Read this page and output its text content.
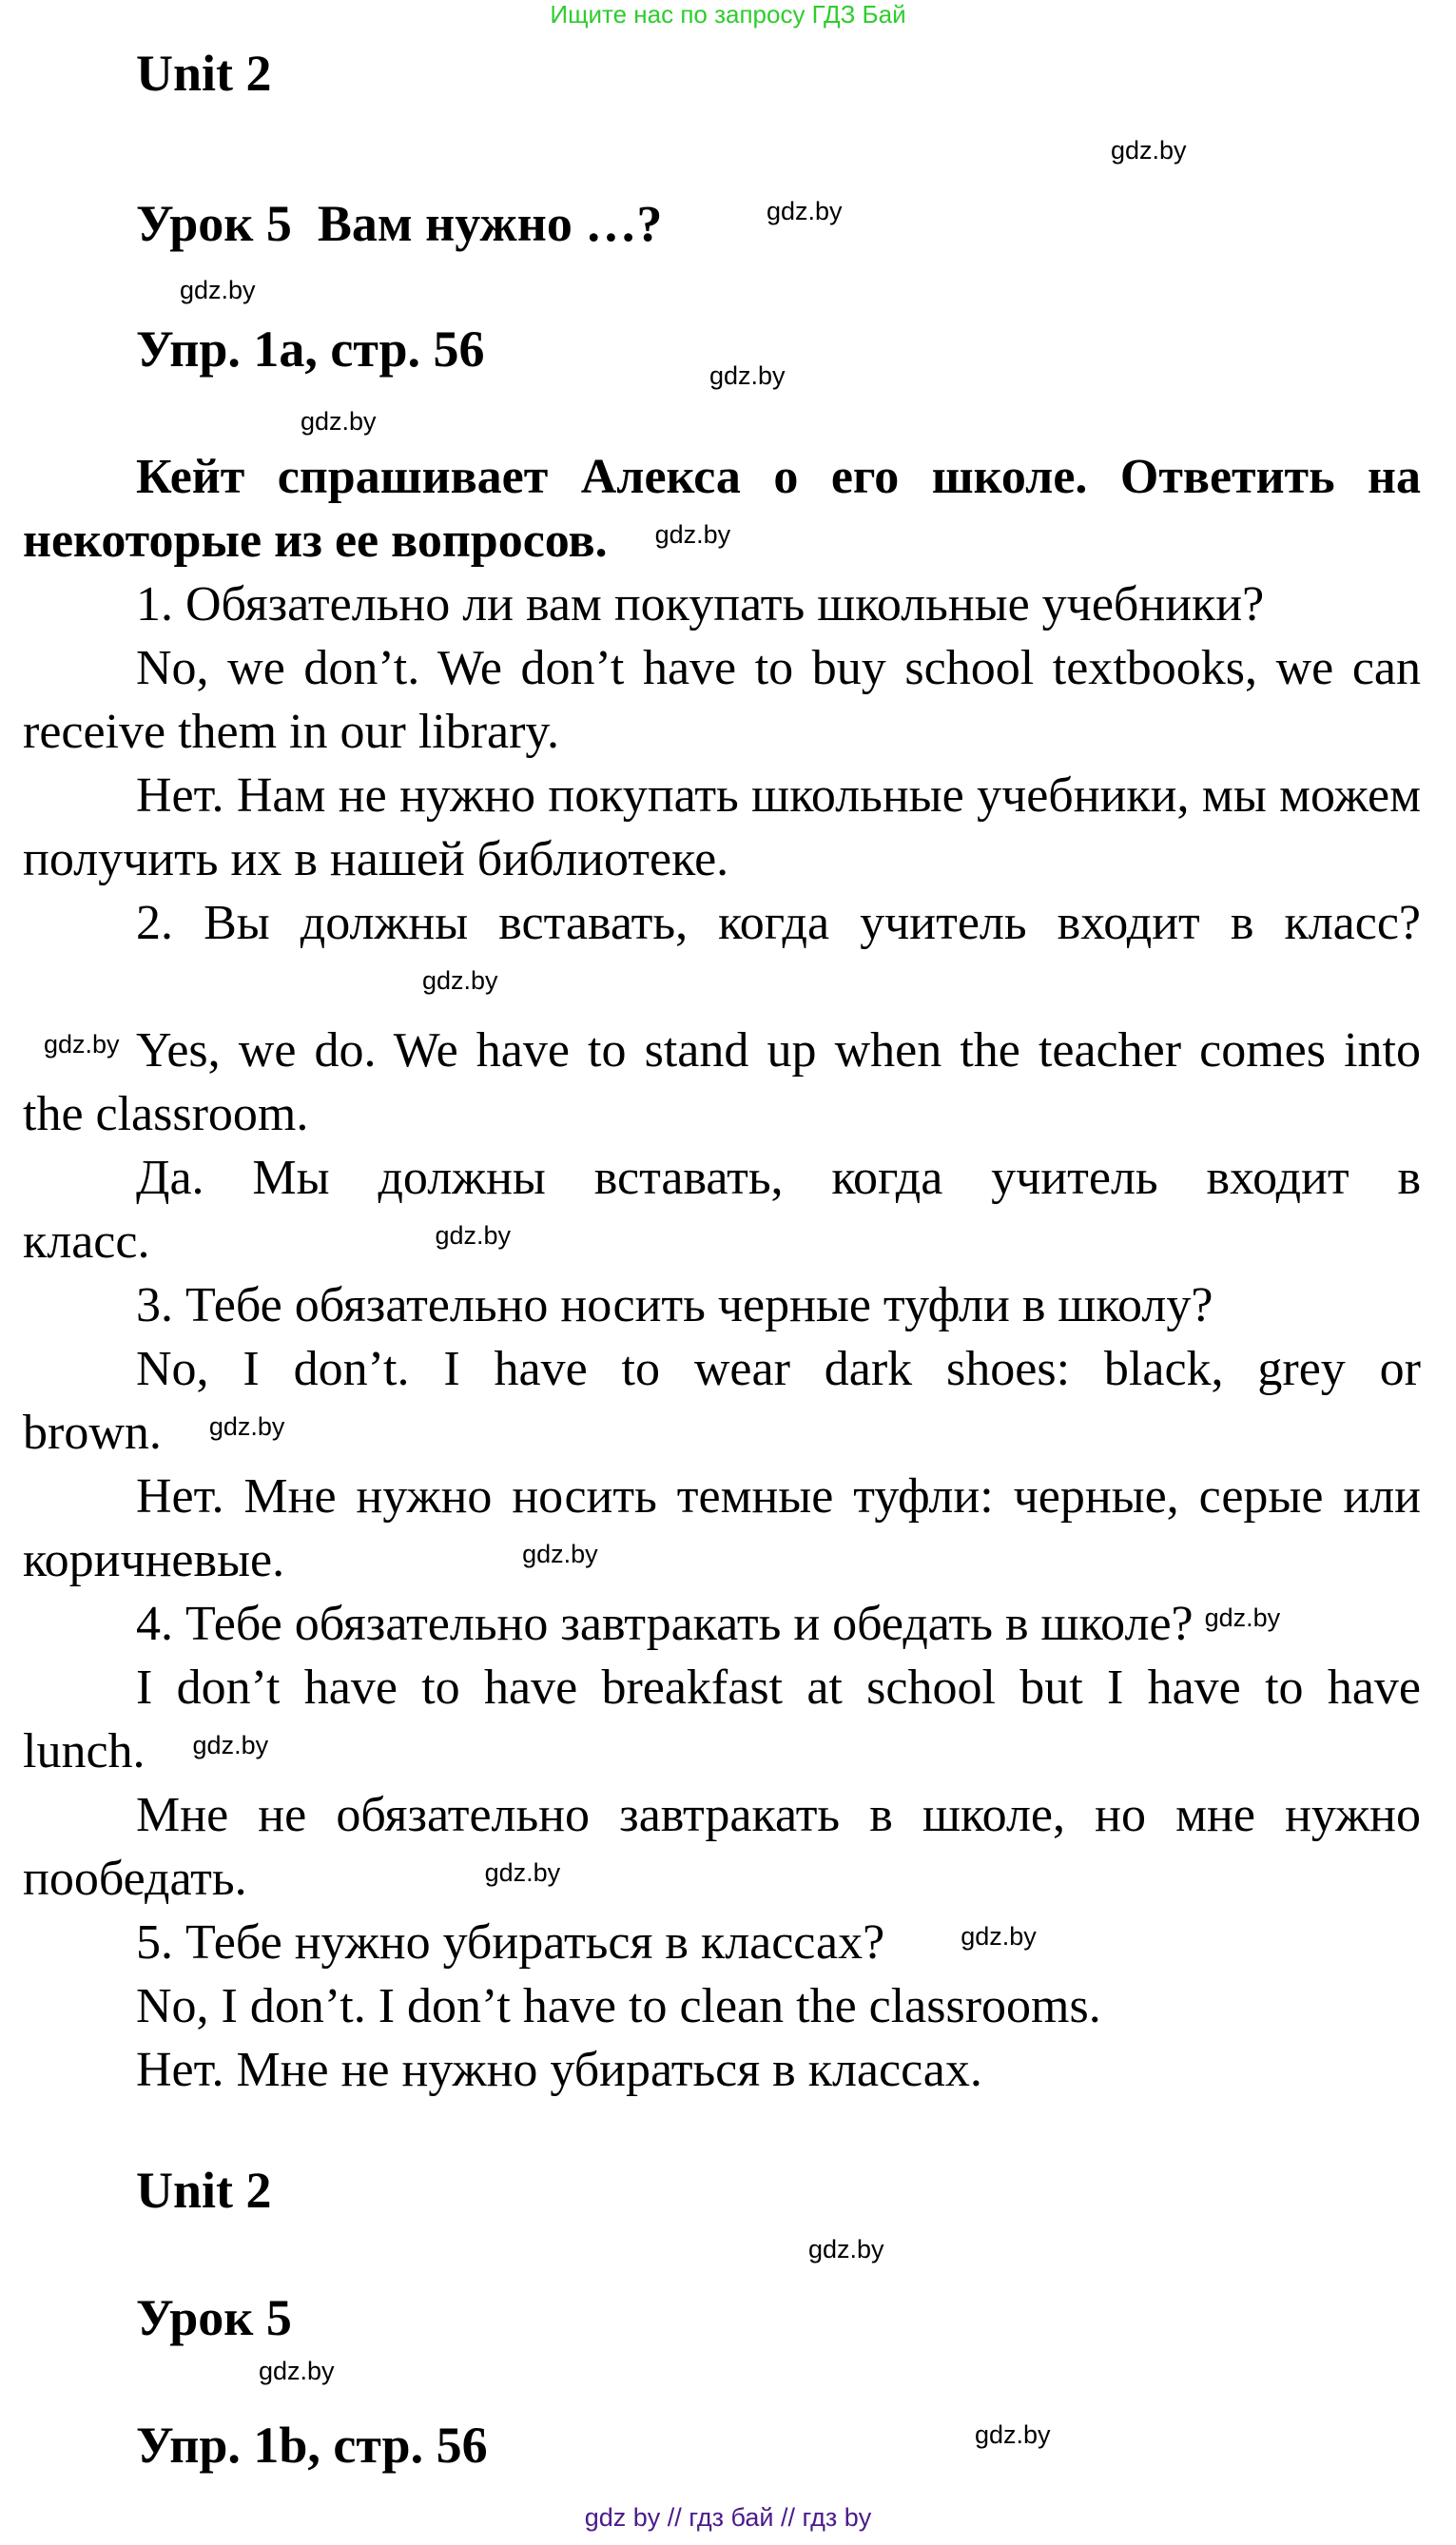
Ищите нас по запросу ГДЗ Бай
Unit 2
Урок 5  Вам нужно …?
Упр. 1a, стр. 56

Кейт спрашивает Алекса о его школе. Ответить на некоторые из ее вопросов. $^{gdz.by}$

1. Обязательно ли вам покупать школьные учебники?

No, we don’t. We don’t have to buy school textbooks, we can receive them in our library.

Нет. Нам не нужно покупать школьные учебники, мы можем получить их в нашей библиотеке.

2. Вы должны вставать, когда учитель входит в класс?$^{gdz.by}$

gdz.by Yes, we do. We have to stand up when the teacher comes into the classroom.

Да. Мы должны вставать, когда учитель входит в класс.	$^{gdz.by}$

3. Тебе обязательно носить черные туфли в школу?

No, I don’t. I have to wear dark shoes: black, grey or brown. $^{gdz.by}$

Нет. Мне нужно носить темные туфли: черные, серые или коричневые.	$^{gdz.by}$

4. Тебе обязательно завтракать и обедать в школе? $^{gdz.by}$

I don’t have to have breakfast at school but I have to have lunch. $^{gdz.by}$

Мне не обязательно завтракать в школе, но мне нужно пообедать.	$^{gdz.by}$

5. Тебе нужно убираться в классах?	$^{gdz.by}$

No, I don’t. I don’t have to clean the classrooms.

Нет. Мне не нужно убираться в классах.

Unit 2
Урок 5
Упр. 1b, стр. 56
gdz.by
gdz.by
gdz.by
gdz.by
gdz.by
gdz.by
gdz.by
gdz.by
gdz by // гдз бай // гдз by
